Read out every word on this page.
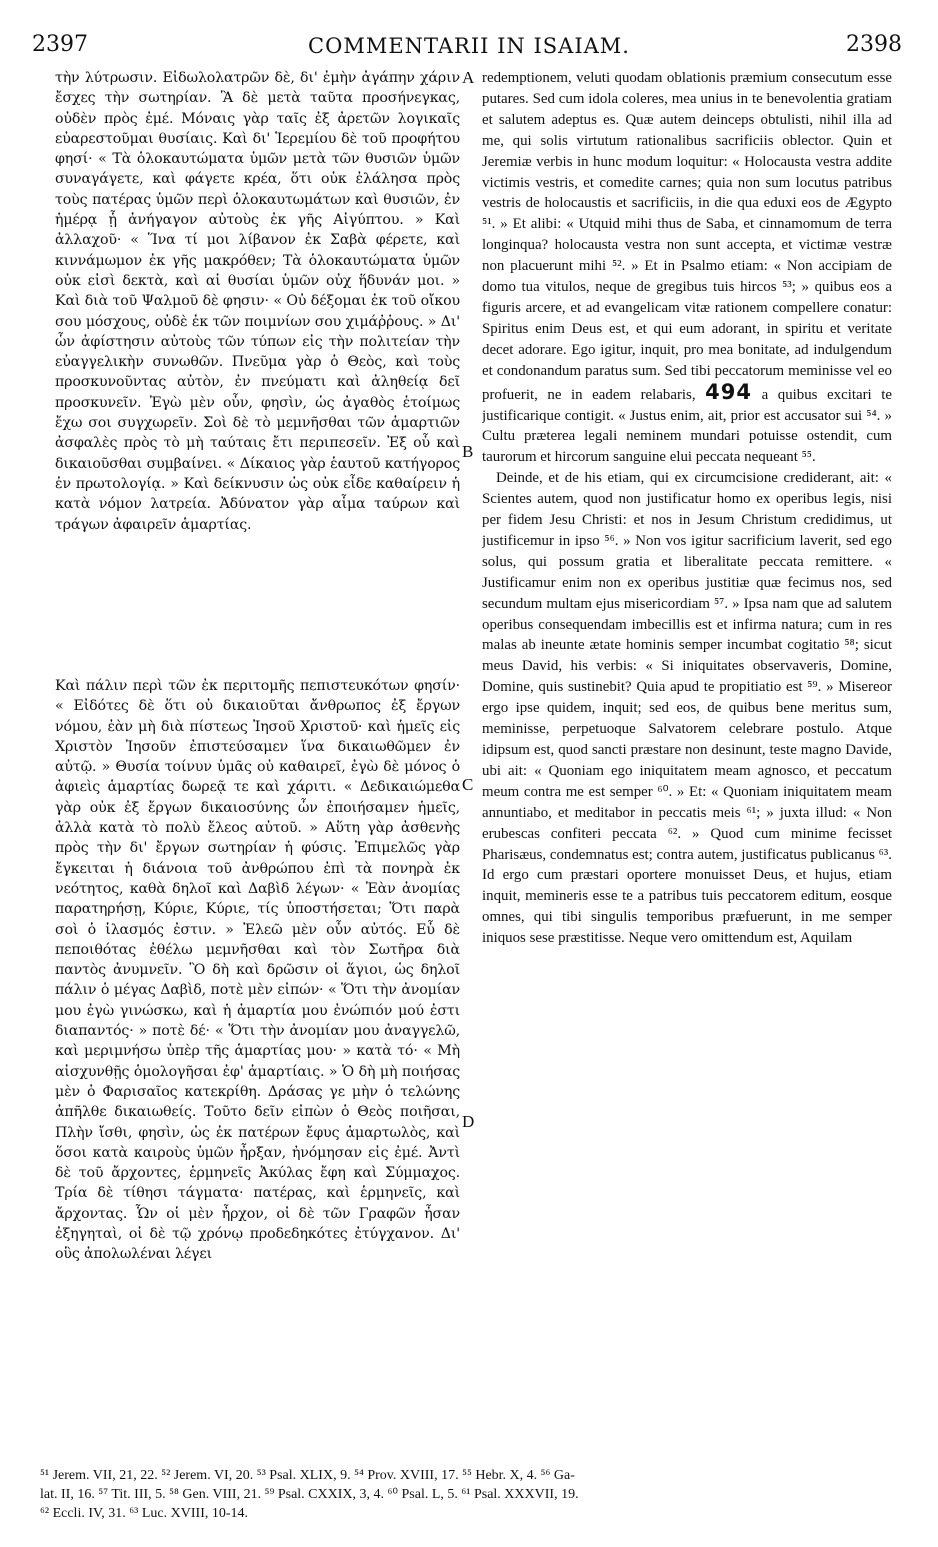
2397	COMMENTARII IN ISAIAM.	2398

τὴν λύτρωσιν. Εἰδωλολατρῶν δὲ, δι' ἐμὴν ἀγάπην χάριν ἔσχες τὴν σωτηρίαν. Ἃ δὲ μετὰ ταῦτα προσήνεγκας, οὐδὲν πρὸς ἐμέ. Μόναις γὰρ ταῖς ἐξ ἀρετῶν λογικαῖς εὐαρεστοῦμαι θυσίαις. Καὶ δι' Ἱερεμίου δὲ τοῦ προφήτου φησί· « Τὰ ὁλοκαυτώματα ὑμῶν μετὰ τῶν θυσιῶν ὑμῶν συναγάγετε, καὶ φάγετε κρέα, ὅτι οὐκ ἐλάλησα πρὸς τοὺς πατέρας ὑμῶν περὶ ὁλοκαυτωμάτων καὶ θυσιῶν, ἐν ἡμέρᾳ ᾗ ἀνήγαγον αὐτοὺς ἐκ γῆς Αἰγύπτου. » Καὶ ἀλλαχοῦ· « Ἵνα τί μοι λίβανον ἐκ Σαβὰ φέρετε, καὶ κιννάμωμον ἐκ γῆς μακρόθεν; Τὰ ὁλοκαυτώματα ὑμῶν οὐκ εἰσὶ δεκτὰ, καὶ αἱ θυσίαι ὑμῶν οὐχ ἥδυνάν μοι. » Καὶ διὰ τοῦ Ψαλμοῦ δὲ φησιν· « Οὐ δέξομαι ἐκ τοῦ οἴκου σου μόσχους, οὐδὲ ἐκ τῶν ποιμνίων σου χιμάῤῥους. » Δι' ὧν ἀφίστησιν αὐτοὺς τῶν τύπων εἰς τὴν πολιτείαν τὴν εὐαγγελικὴν συνωθῶν. Πνεῦμα γὰρ ὁ Θεὸς, καὶ τοὺς προσκυνοῦντας αὐτὸν, ἐν πνεύματι καὶ ἀληθείᾳ δεῖ προσκυνεῖν. Ἐγὼ μὲν οὖν, φησὶν, ὡς ἀγαθὸς ἑτοίμως ἔχω σοι συγχωρεῖν. Σοὶ δὲ τὸ μεμνῆσθαι τῶν ἁμαρτιῶν ἀσφαλὲς πρὸς τὸ μὴ ταύταις ἔτι περιπεσεῖν. Ἐξ οὗ καὶ δικαιοῦσθαι συμβαίνει. « Δίκαιος γὰρ ἑαυτοῦ κατήγορος ἐν πρωτολογίᾳ. » Καὶ δείκνυσιν ὡς οὐκ εἶδε καθαίρειν ἡ κατὰ νόμον λατρεία. Ἀδύνατον γὰρ αἷμα ταύρων καὶ τράγων ἀφαιρεῖν ἁμαρτίας.

Καὶ πάλιν περὶ τῶν ἐκ περιτομῆς πεπιστευκότων φησίν· « Εἰδότες δὲ ὅτι οὐ δικαιοῦται ἄνθρωπος ἐξ ἔργων νόμου, ἐὰν μὴ διὰ πίστεως Ἰησοῦ Χριστοῦ· καὶ ἡμεῖς εἰς Χριστὸν Ἰησοῦν ἐπιστεύσαμεν ἵνα δικαιωθῶμεν ἐν αὐτῷ. » Θυσία τοίνυν ὑμᾶς οὐ καθαιρεῖ, ἐγὼ δὲ μόνος ὁ ἀφιεὶς ἁμαρτίας δωρεᾷ τε καὶ χάριτι. « Δεδικαιώμεθα γὰρ οὐκ ἐξ ἔργων δικαιοσύνης ὧν ἐποιήσαμεν ἡμεῖς, ἀλλὰ κατὰ τὸ πολὺ ἔλεος αὐτοῦ. » Αὕτη γὰρ ἀσθενὴς πρὸς τὴν δι' ἔργων σωτηρίαν ἡ φύσις. Ἐπιμελῶς γὰρ ἔγκειται ἡ διάνοια τοῦ ἀνθρώπου ἐπὶ τὰ πονηρὰ ἐκ νεότητος, καθὰ δηλοῖ καὶ Δαβὶδ λέγων· « Ἐὰν ἀνομίας παρατηρήσῃ, Κύριε, Κύριε, τίς ὑποστήσεται; Ὅτι παρὰ σοὶ ὁ ἱλασμός ἐστιν. » Ἐλεῶ μὲν οὖν αὐτός. Εὖ δὲ πεποιθότας ἐθέλω μεμνῆσθαι καὶ τὸν Σωτῆρα διὰ παντὸς ἀνυμνεῖν. Ὃ δὴ καὶ δρῶσιν οἱ ἅγιοι, ὡς δηλοῖ πάλιν ὁ μέγας Δαβὶδ, ποτὲ μὲν εἰπών· « Ὅτι τὴν ἀνομίαν μου ἐγὼ γινώσκω, καὶ ἡ ἁμαρτία μου ἐνώπιόν μού ἐστι διαπαντός· » ποτὲ δέ· « Ὅτι τὴν ἀνομίαν μου ἀναγγελῶ, καὶ μεριμνήσω ὑπὲρ τῆς ἁμαρτίας μου· » κατὰ τό· « Μὴ αἰσχυνθῇς ὁμολογῆσαι ἐφ' ἁμαρτίαις. » Ὁ δὴ μὴ ποιήσας μὲν ὁ Φαρισαῖος κατεκρίθη. Δράσας γε μὴν ὁ τελώνης ἀπῆλθε δικαιωθείς. Τοῦτο δεῖν εἰπὼν ὁ Θεὸς ποιῆσαι, Πλὴν ἴσθι, φησὶν, ὡς ἐκ πατέρων ἔφυς ἁμαρτωλὸς, καὶ ὅσοι κατὰ καιροὺς ὑμῶν ἦρξαν, ἠνόμησαν εἰς ἐμέ. Ἀντὶ δὲ τοῦ ἄρχοντες, ἑρμηνεῖς Ἀκύλας ἔφη καὶ Σύμμαχος. Τρία δὲ τίθησι τάγματα· πατέρας, καὶ ἑρμηνεῖς, καὶ ἄρχοντας. Ὧν οἱ μὲν ἦρχον, οἱ δὲ τῶν Γραφῶν ἦσαν ἐξηγηταὶ, οἱ δὲ τῷ χρόνῳ προδεδηκότες ἐτύγχανον. Δι' οὓς ἀπολωλέναι λέγει

A
B
C
D

redemptionem, veluti quodam oblationis præmium consecutum esse putares. Sed cum idola coleres, mea unius in te benevolentia gratiam et salutem adeptus es. Quæ autem deinceps obtulisti, nihil illa ad me, qui solis virtutum rationalibus sacrificiis oblector. Quin et Jeremiæ verbis in hunc modum loquitur: « Holocausta vestra addite victimis vestris, et comedite carnes; quia non sum locutus patribus vestris de holocaustis et sacrificiis, in die qua eduxi eos de Ægypto ⁵¹. » Et alibi: « Utquid mihi thus de Saba, et cinnamomum de terra longinqua? holocausta vestra non sunt accepta, et victimæ vestræ non placuerunt mihi ⁵². » Et in Psalmo etiam: « Non accipiam de domo tua vitulos, neque de gregibus tuis hircos ⁵³; » quibus eos a figuris arcere, et ad evangelicam vitæ rationem compellere conatur: Spiritus enim Deus est, et qui eum adorant, in spiritu et veritate decet adorare. Ego igitur, inquit, pro mea bonitate, ad indulgendum et condonandum paratus sum. Sed tibi peccatorum meminisse vel eo profuerit, ne in eadem relabaris, 494 a quibus excitari te justificarique contigit. « Justus enim, ait, prior est accusator sui ⁵⁴. » Cultu præterea legali neminem mundari potuisse ostendit, cum taurorum et hircorum sanguine elui peccata nequeant ⁵⁵.

Deinde, et de his etiam, qui ex circumcisione crediderant, ait: « Scientes autem, quod non justificatur homo ex operibus legis, nisi per fidem Jesu Christi: et nos in Jesum Christum credidimus, ut justificemur in ipso ⁵⁶. » Non vos igitur sacrificium laverit, sed ego solus, qui possum gratia et liberalitate peccata remittere. « Justificamur enim non ex operibus justitiæ quæ fecimus nos, sed secundum multam ejus misericordiam ⁵⁷. » Ipsa nam que ad salutem operibus consequendam imbecillis est et infirma natura; cum in res malas ab ineunte ætate hominis semper incumbat cogitatio ⁵⁸; sicut meus David, his verbis: « Si iniquitates observaveris, Domine, Domine, quis sustinebit? Quia apud te propitiatio est ⁵⁹. » Misereor ergo ipse quidem, inquit; sed eos, de quibus bene meritus sum, meminisse, perpetuoque Salvatorem celebrare postulo. Atque idipsum est, quod sancti præstare non desinunt, teste magno Davide, ubi ait: « Quoniam ego iniquitatem meam agnosco, et peccatum meum contra me est semper ⁶⁰. » Et: « Quoniam iniquitatem meam annuntiabo, et meditabor in peccatis meis ⁶¹; » juxta illud: « Non erubescas confiteri peccata ⁶². » Quod cum minime fecisset Pharisæus, condemnatus est; contra autem, justificatus publicanus ⁶³. Id ergo cum præstari oportere monuisset Deus, et hujus, etiam inquit, memineris esse te a patribus tuis peccatorem editum, eosque omnes, qui tibi singulis temporibus præfuerunt, in me semper iniquos sese præstitisse. Neque vero omittendum est, Aquilam

⁵¹ Jerem. VII, 21, 22. ⁵² Jerem. VI, 20. ⁵³ Psal. XLIX, 9. ⁵⁴ Prov. XVIII, 17. ⁵⁵ Hebr. X, 4. ⁵⁶ Ga-
lat. II, 16. ⁵⁷ Tit. III, 5. ⁵⁸ Gen. VIII, 21. ⁵⁹ Psal. CXXIX, 3, 4. ⁶⁰ Psal. L, 5. ⁶¹ Psal. XXXVII, 19.
⁶² Eccli. IV, 31. ⁶³ Luc. XVIII, 10-14.
